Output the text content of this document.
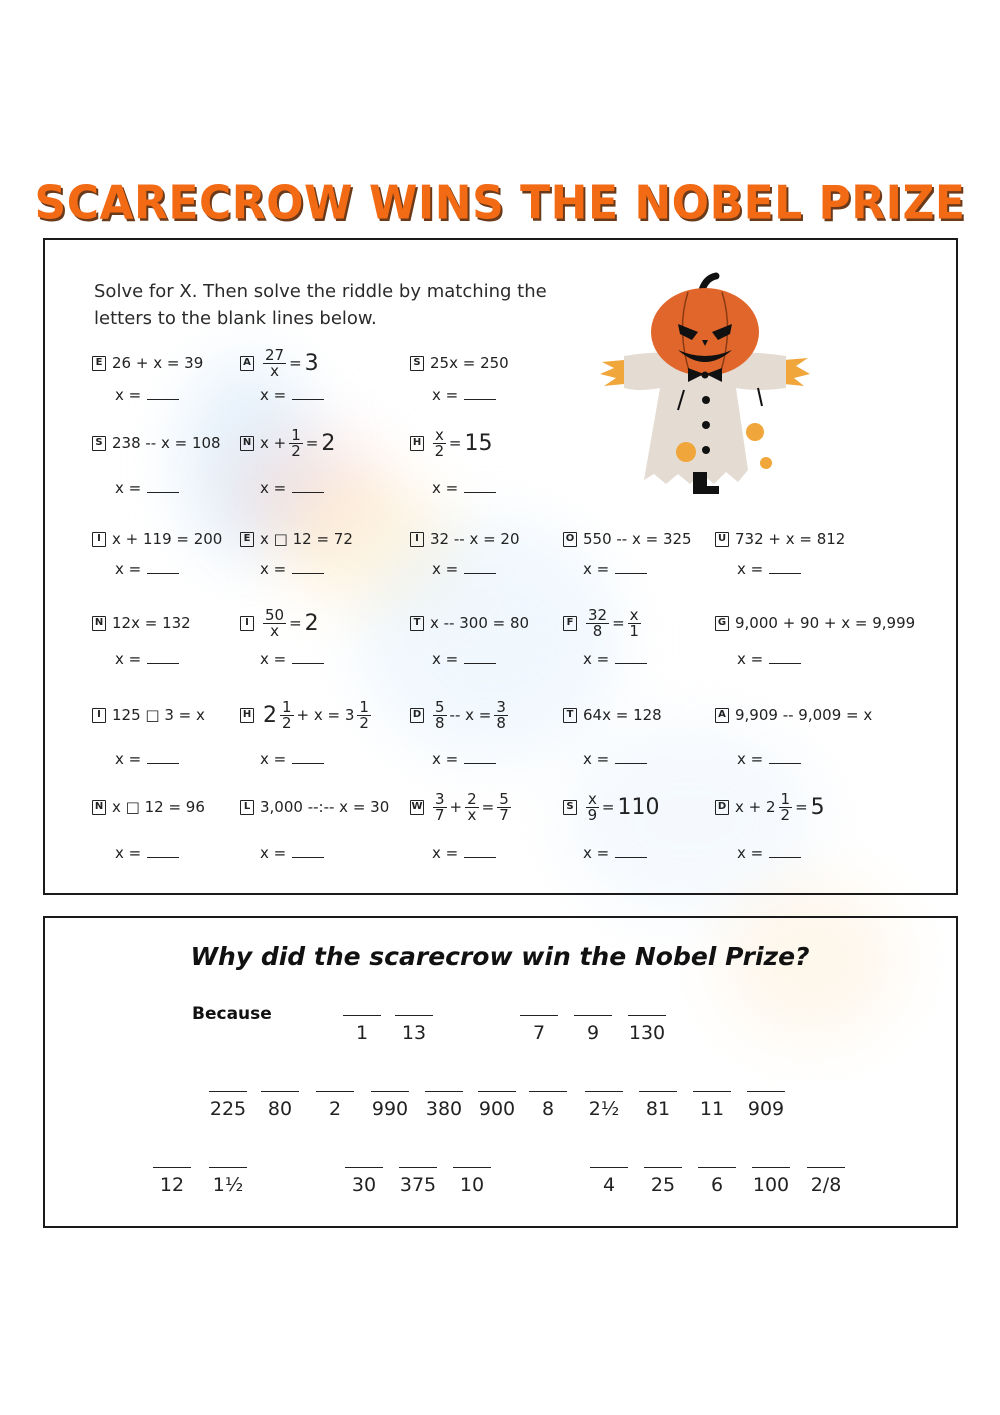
SCARECROW WINS THE NOBEL PRIZE
Solve for X. Then solve the riddle by matching the letters to the blank lines below.
E 26 + x = 39
x =
A $\frac{27}{x} = 3$
x =
S 25x = 250
x =
S 238 -- x = 108
x =
N $x + \frac{1}{2} = 2$
x =
H $\frac{x}{2} = 15$
x =
I x + 119 = 200
x =
E x □ 12 = 72
x =
I 32 -- x = 20
x =
O 550 -- x = 325
x =
U 732 + x = 812
x =
N 12x = 132
x =
I $\frac{50}{x} = 2$
x =
T x -- 300 = 80
x =
F $\frac{32}{8} = \frac{x}{1}$
x =
G 9,000 + 90 + x = 9,999
x =
I 125 □ 3 = x
x =
H $2 \frac{1}{2} + x = 3 \frac{1}{2}$
x =
D $\frac{5}{8} -- x = \frac{3}{8}$
x =
T 64x = 128
x =
A 9,909 -- 9,009 = x
x =
N x □ 12 = 96
x =
L 3,000 --:-- x = 30
x =
W $\frac{3}{7} + \frac{2}{x} = \frac{5}{7}$
x =
S $\frac{x}{9} = 110$
x =
D $x + 2 \frac{1}{2} = 5$
x =
Why did the scarecrow win the Nobel Prize?
Because
1	13	7	9	130
225	80	2	990 380 900	8	2½	81	11	909
12	1½	30	375	10	4	25	6	100 2/8
